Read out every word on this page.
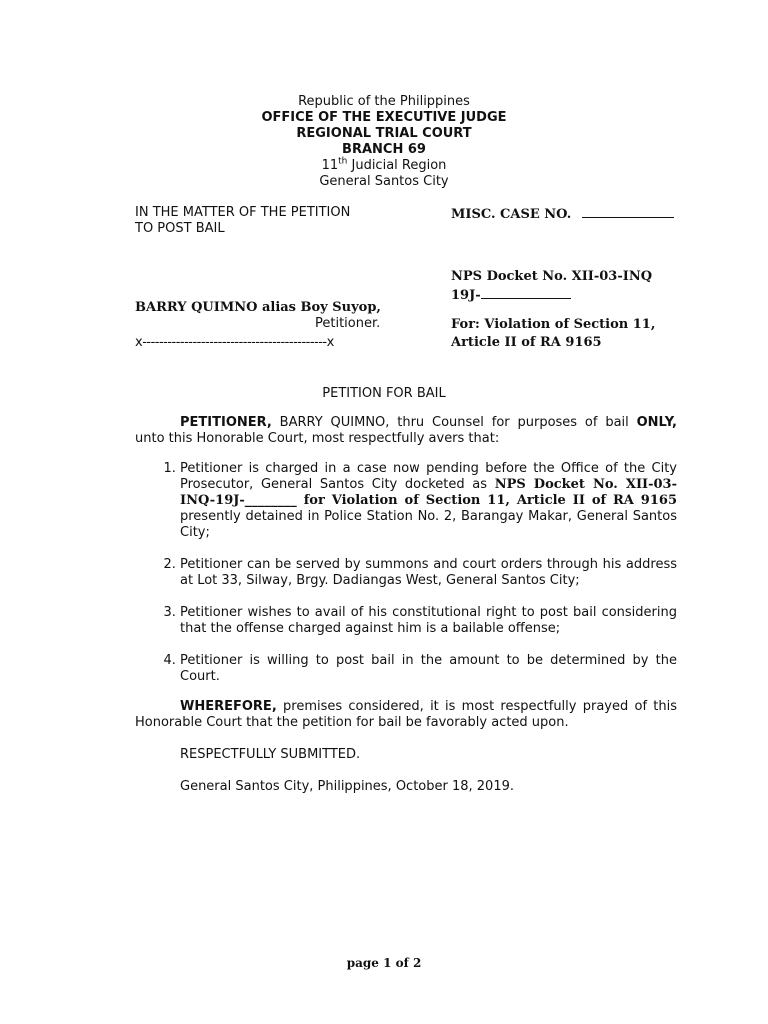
Republic of the Philippines
OFFICE OF THE EXECUTIVE JUDGE
REGIONAL TRIAL COURT
BRANCH 69
11th Judicial Region
General Santos City
IN THE MATTER OF THE PETITION
TO POST BAIL
MISC. CASE NO.
NPS Docket No. XII-03-INQ
19J-
BARRY QUIMNO alias Boy Suyop,
Petitioner.	For: Violation of Section 11,
Article II of RA 9165
x--------------------------------------------x
PETITION FOR BAIL

PETITIONER, BARRY QUIMNO, thru Counsel for purposes of bail ONLY, unto this Honorable Court, most respectfully avers that:

1. Petitioner is charged in a case now pending before the Office of the City Prosecutor, General Santos City docketed as NPS Docket No. XII-03-INQ-19J-________ for Violation of Section 11, Article II of RA 9165 presently detained in Police Station No. 2, Barangay Makar, General Santos City;
2. Petitioner can be served by summons and court orders through his address at Lot 33, Silway, Brgy. Dadiangas West, General Santos City;
3. Petitioner wishes to avail of his constitutional right to post bail considering that the offense charged against him is a bailable offense;
4. Petitioner is willing to post bail in the amount to be determined by the Court.

WHEREFORE, premises considered, it is most respectfully prayed of this Honorable Court that the petition for bail be favorably acted upon.

RESPECTFULLY SUBMITTED.

General Santos City, Philippines, October 18, 2019.

page 1 of 2
